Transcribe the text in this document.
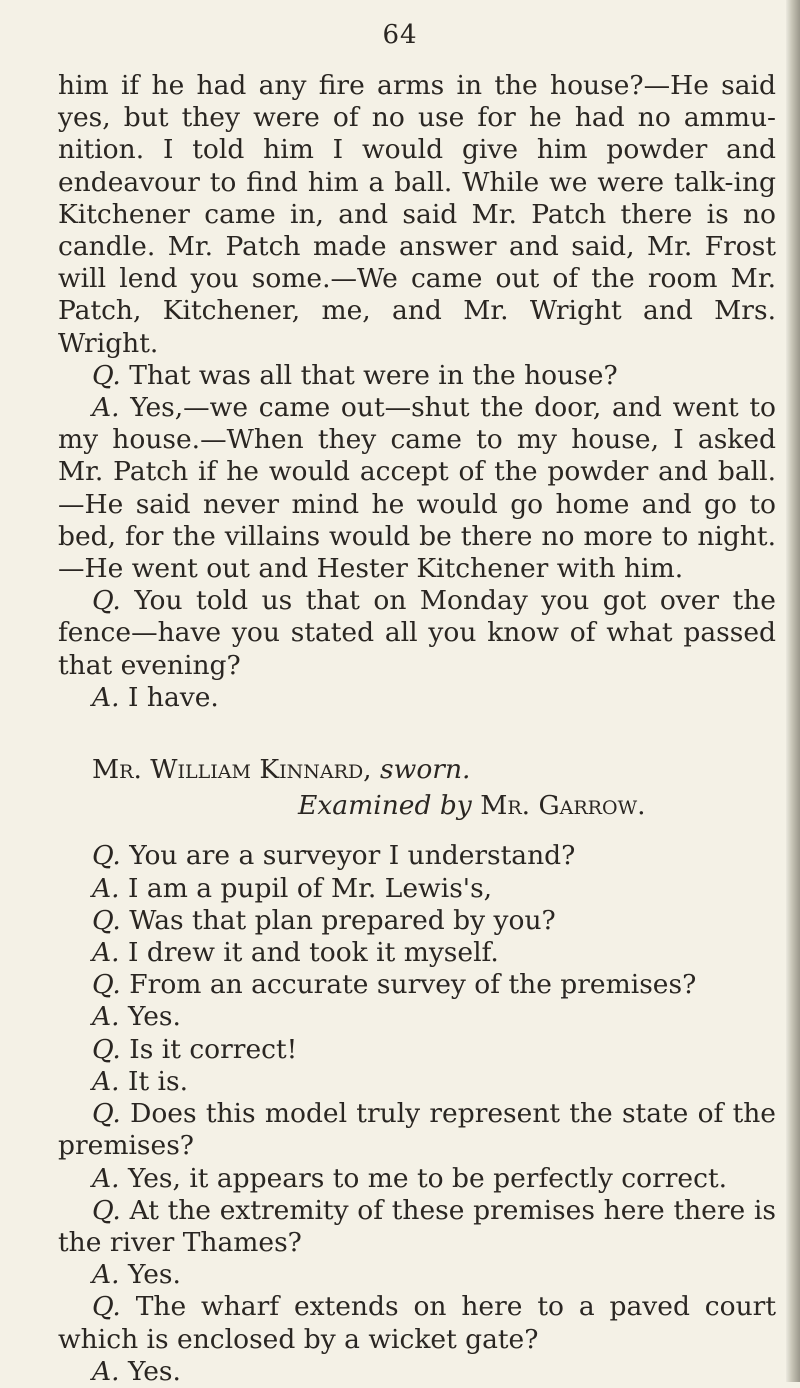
64

him if he had any fire arms in the house?—He said yes, but they were of no use for he had no ammu-nition. I told him I would give him powder and endeavour to find him a ball. While we were talk-ing Kitchener came in, and said Mr. Patch there is no candle. Mr. Patch made answer and said, Mr. Frost will lend you some.—We came out of the room Mr. Patch, Kitchener, me, and Mr. Wright and Mrs. Wright.

Q. That was all that were in the house?

A. Yes,—we came out—shut the door, and went to my house.—When they came to my house, I asked Mr. Patch if he would accept of the powder and ball. —He said never mind he would go home and go to bed, for the villains would be there no more to night. —He went out and Hester Kitchener with him.

Q. You told us that on Monday you got over the fence—have you stated all you know of what passed that evening?

A. I have.

Mr. William Kinnard, sworn.

Examined by Mr. Garrow.

Q. You are a surveyor I understand?

A. I am a pupil of Mr. Lewis's,

Q. Was that plan prepared by you?

A. I drew it and took it myself.

Q. From an accurate survey of the premises?

A. Yes.

Q. Is it correct!

A. It is.

Q. Does this model truly represent the state of the premises?

A. Yes, it appears to me to be perfectly correct.

Q. At the extremity of these premises here there is the river Thames?

A. Yes.

Q. The wharf extends on here to a paved court which is enclosed by a wicket gate?

A. Yes.
